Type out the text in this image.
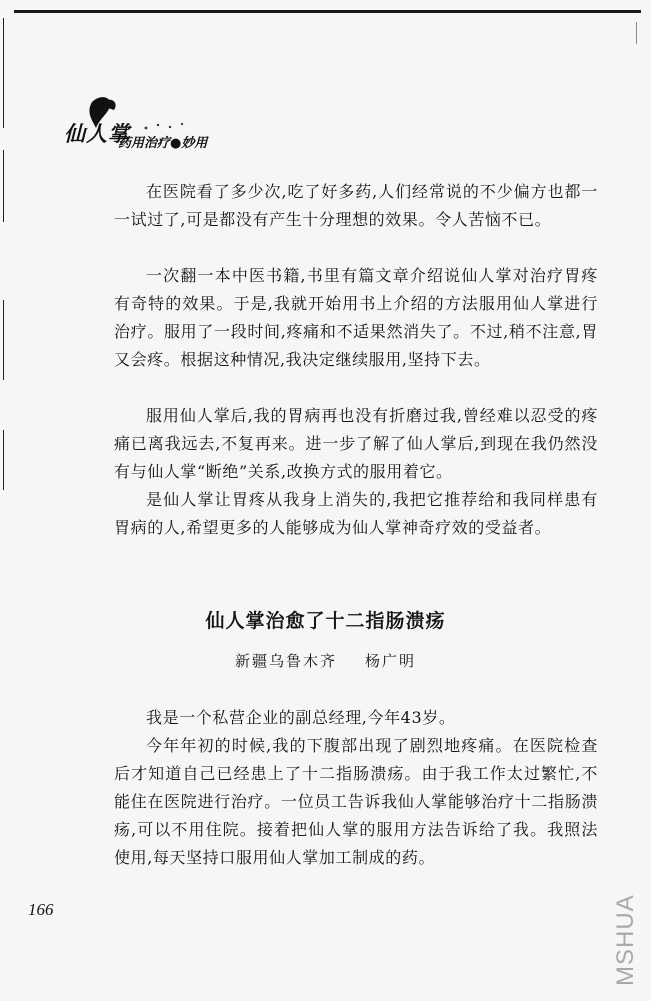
仙人掌
药用治疗●妙用

在医院看了多少次,吃了好多药,人们经常说的不少偏方也都一一试过了,可是都没有产生十分理想的效果。令人苦恼不已。

一次翻一本中医书籍,书里有篇文章介绍说仙人掌对治疗胃疼有奇特的效果。于是,我就开始用书上介绍的方法服用仙人掌进行治疗。服用了一段时间,疼痛和不适果然消失了。不过,稍不注意,胃又会疼。根据这种情况,我决定继续服用,坚持下去。

服用仙人掌后,我的胃病再也没有折磨过我,曾经难以忍受的疼痛已离我远去,不复再来。进一步了解了仙人掌后,到现在我仍然没有与仙人掌“断绝”关系,改换方式的服用着它。

是仙人掌让胃疼从我身上消失的,我把它推荐给和我同样患有胃病的人,希望更多的人能够成为仙人掌神奇疗效的受益者。

仙人掌治愈了十二指肠溃疡
新疆乌鲁木齐 杨广明

我是一个私营企业的副总经理,今年43岁。

今年年初的时候,我的下腹部出现了剧烈地疼痛。在医院检查后才知道自己已经患上了十二指肠溃疡。由于我工作太过繁忙,不能住在医院进行治疗。一位员工告诉我仙人掌能够治疗十二指肠溃疡,可以不用住院。接着把仙人掌的服用方法告诉给了我。我照法使用,每天坚持口服用仙人掌加工制成的药。

166	MSHUA
